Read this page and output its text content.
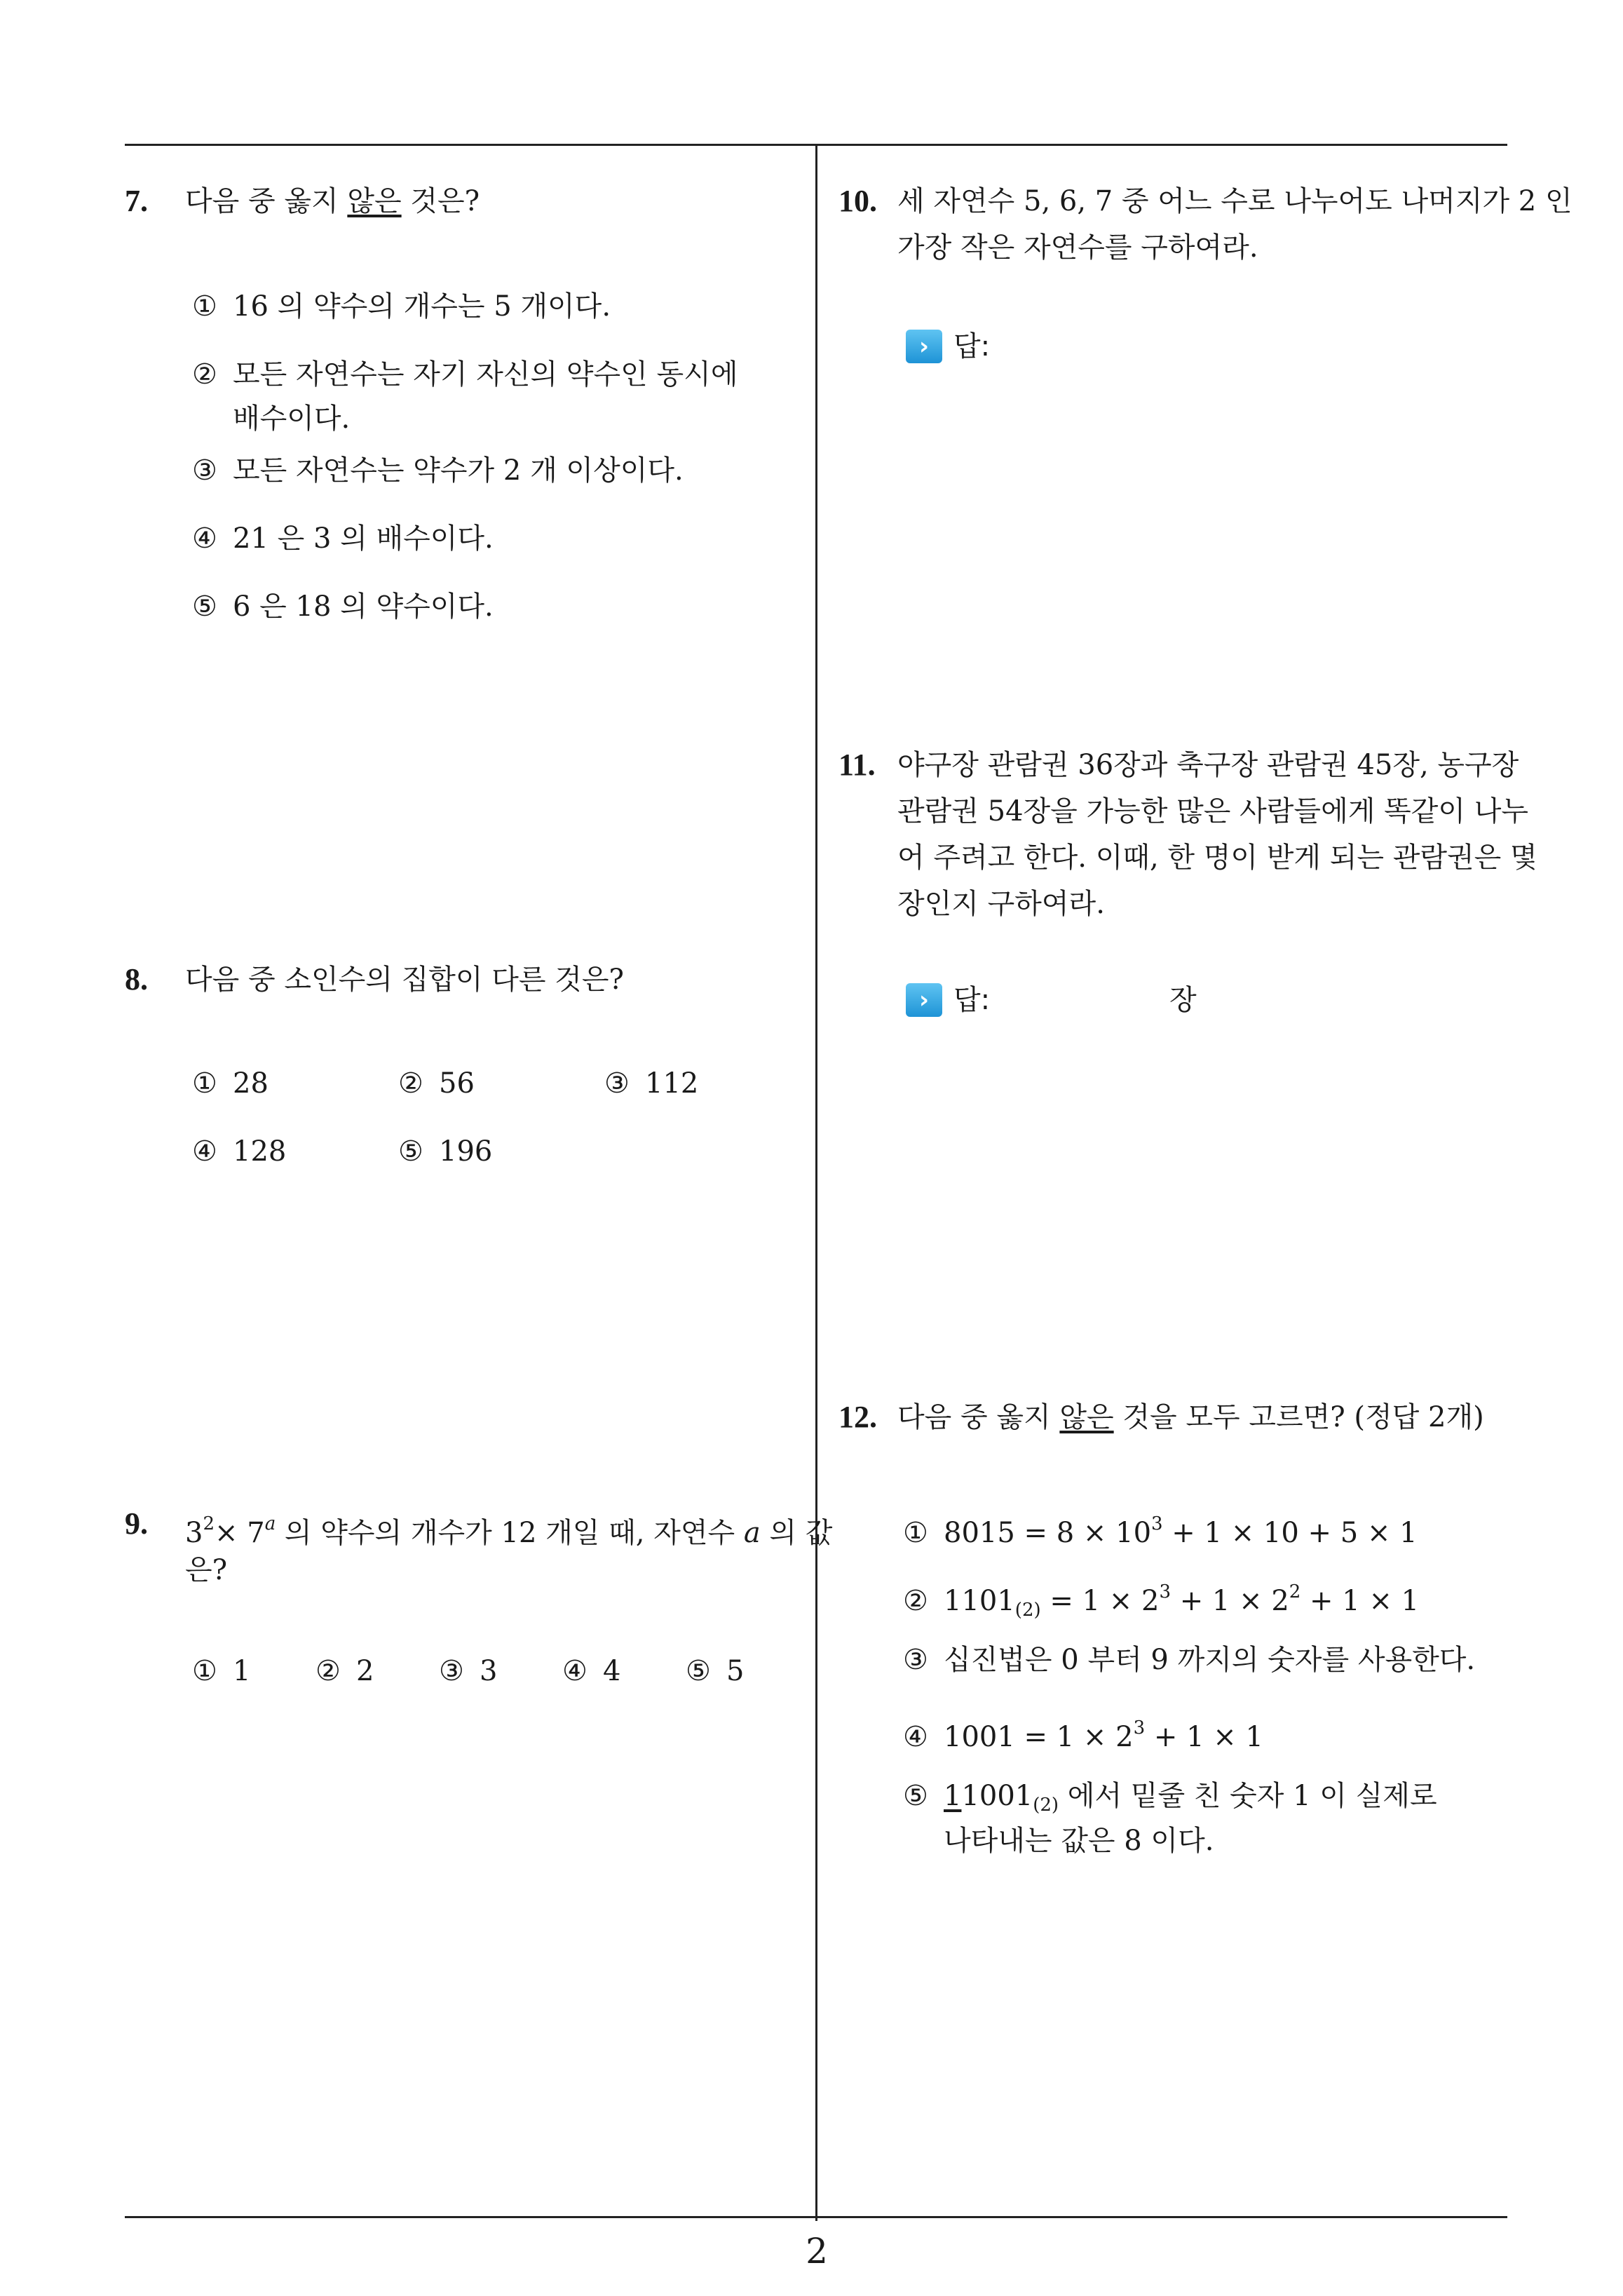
7. 다음 중 옳지 않은 것은?
① 16 의 약수의 개수는 5 개이다.
② 모든 자연수는 자기 자신의 약수인 동시에
배수이다.
③ 모든 자연수는 약수가 2 개 이상이다.
④ 21 은 3 의 배수이다.
⑤ 6 은 18 의 약수이다.
8. 다음 중 소인수의 집합이 다른 것은?
① 28	② 56	③ 112
④ 128	⑤ 196
9. $3^2\times 7^a$ 의 약수의 개수가 12 개일 때, 자연수 a 의 값
은?
① 1 ② 2 ③ 3 ④ 4 ⑤ 5
10. 세 자연수 5, 6, 7 중 어느 수로 나누어도 나머지가 2 인
가장 작은 자연수를 구하여라.
› 답:
11. 야구장 관람권 36장과 축구장 관람권 45장, 농구장
관람권 54장을 가능한 많은 사람들에게 똑같이 나누
어 주려고 한다. 이때, 한 명이 받게 되는 관람권은 몇
장인지 구하여라.
› 답:	장
12. 다음 중 옳지 않은 것을 모두 고르면? (정답 2개)
① $8015 = 8 \times 10^3 + 1 \times 10 + 5 \times 1$
② $1101_{(2)} = 1 \times 2^3 + 1 \times 2^2 + 1 \times 1$
③ 십진법은 0 부터 9 까지의 숫자를 사용한다.
④ $1001 = 1 \times 2^3 + 1 \times 1$
⑤ $11001_{(2)}$ 에서 밑줄 친 숫자 1 이 실제로
나타내는 값은 8 이다.
2
